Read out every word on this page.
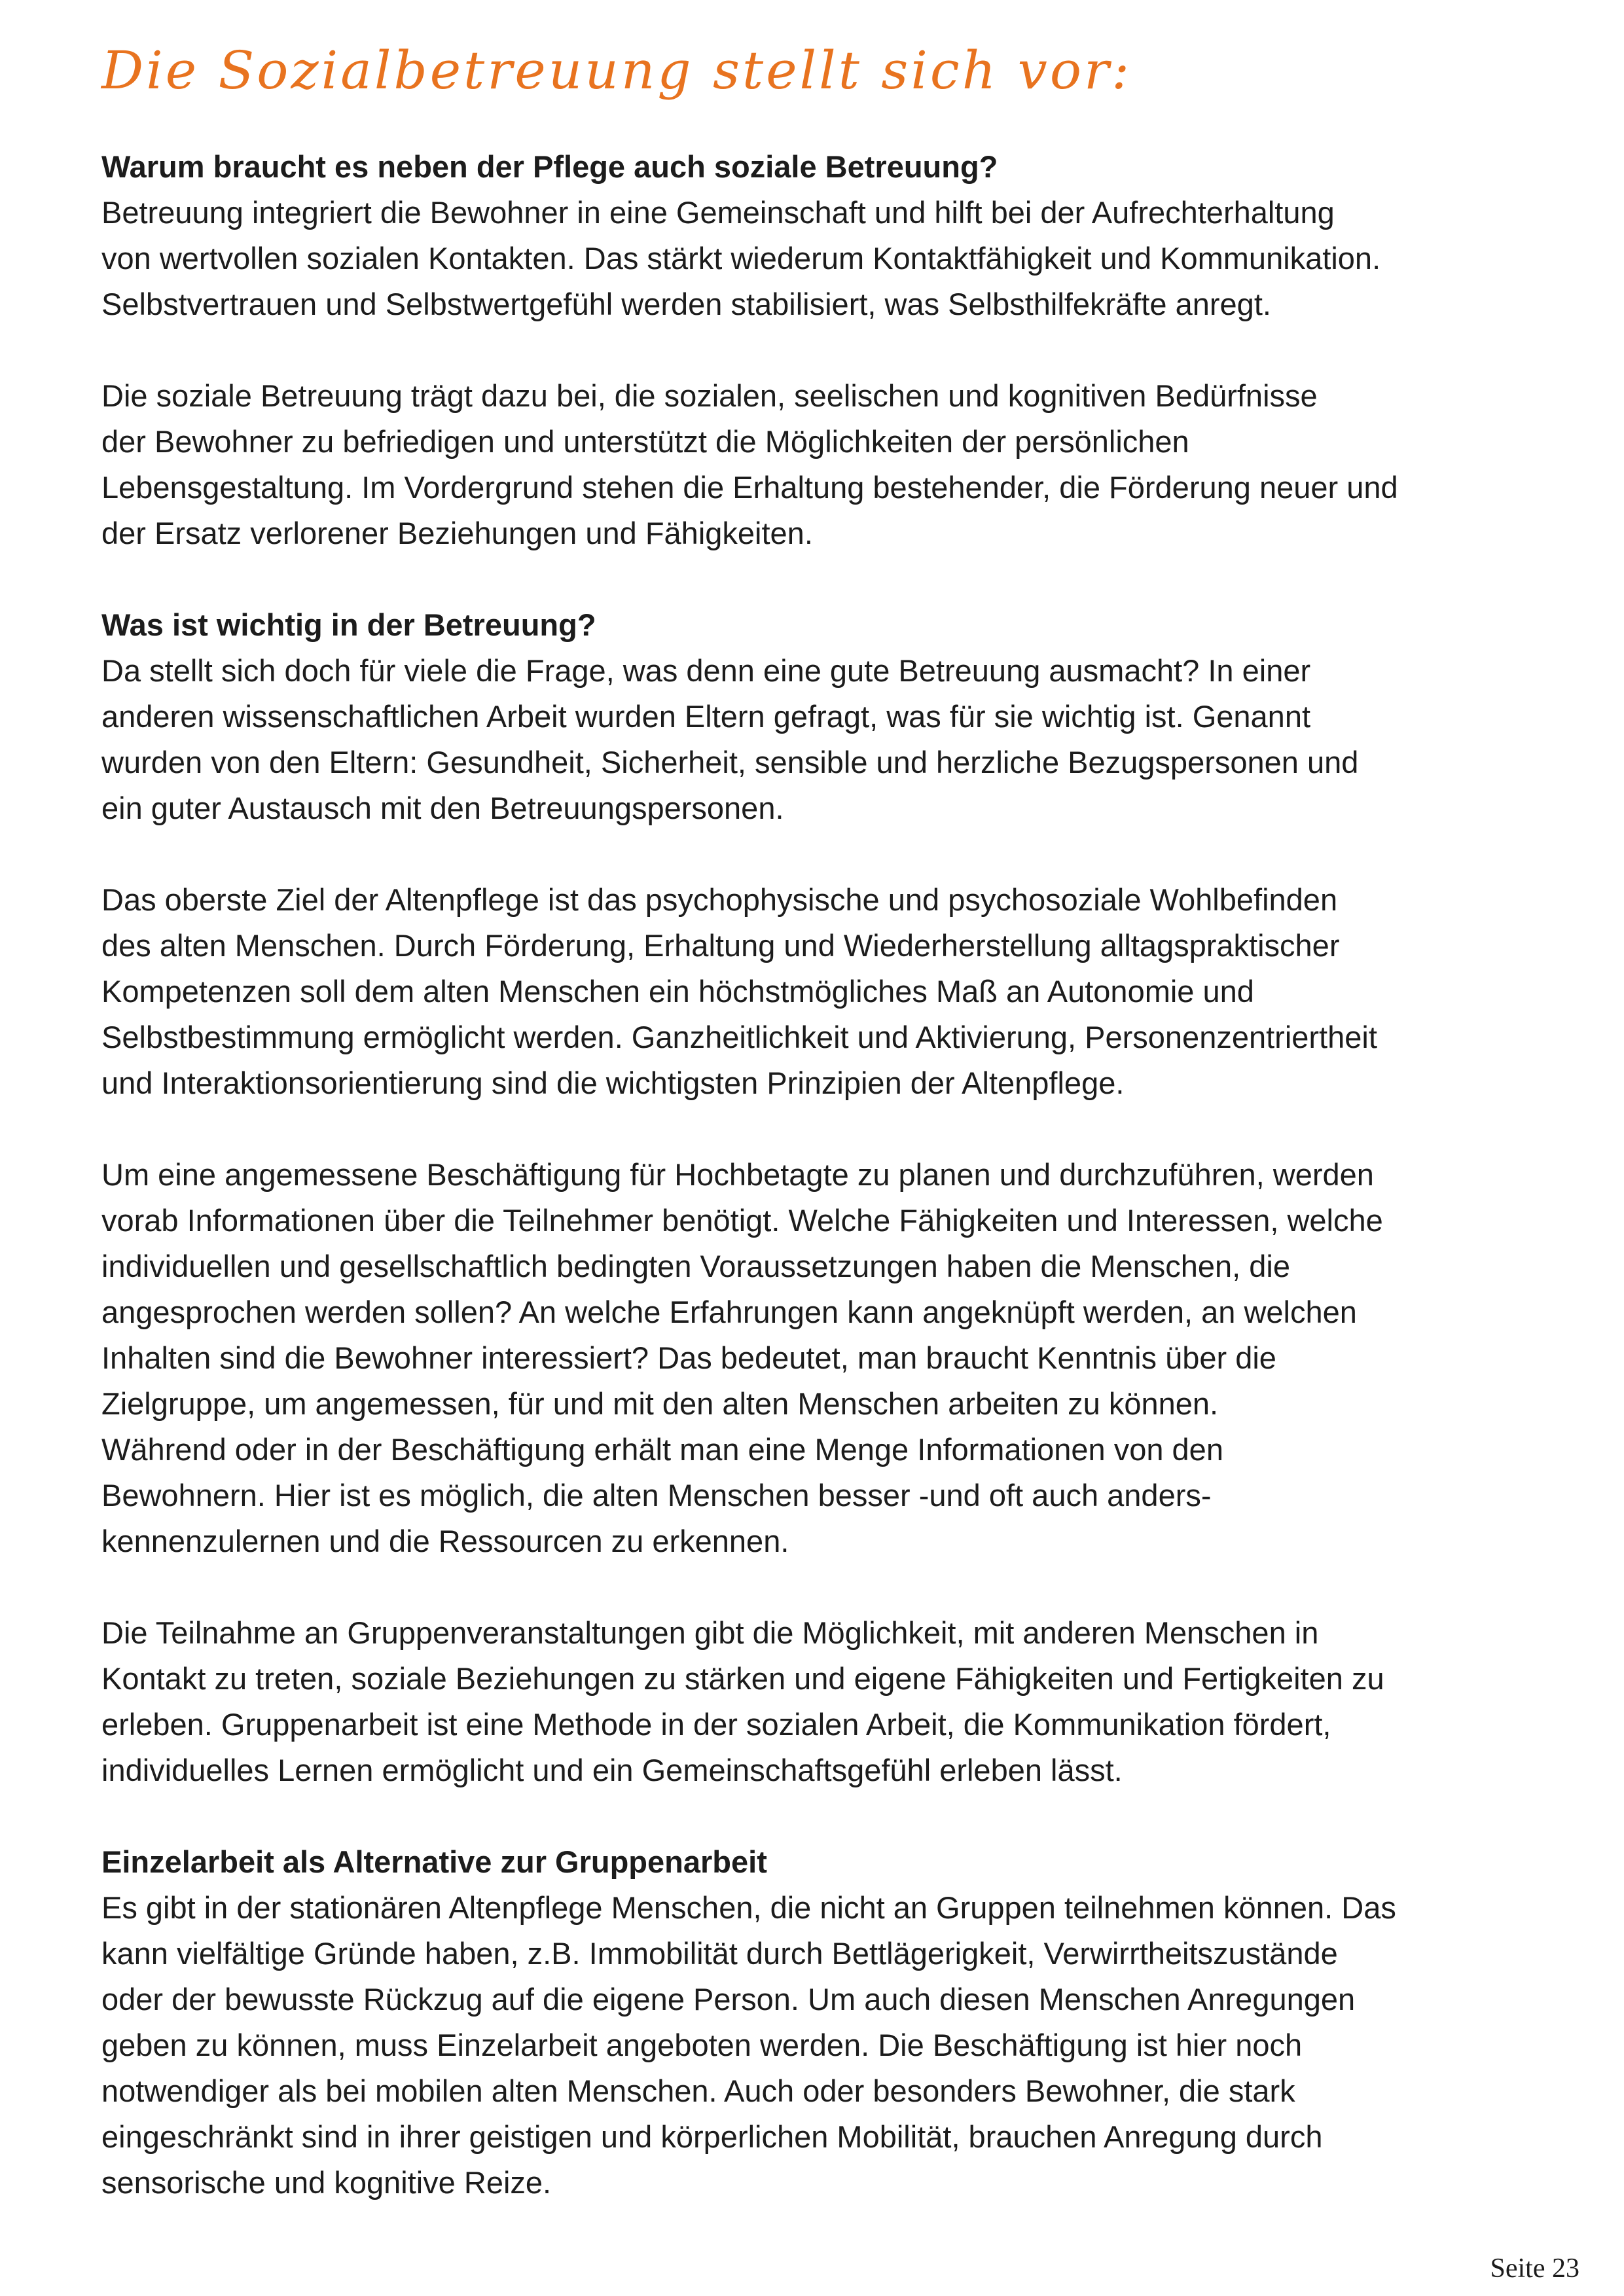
Die Sozialbetreuung stellt sich vor:
Warum braucht es neben der Pflege auch soziale Betreuung?
Betreuung integriert die Bewohner in eine Gemeinschaft und hilft bei der Aufrechterhaltung
von wertvollen sozialen Kontakten. Das stärkt wiederum Kontaktfähigkeit und Kommunikation.
Selbstvertrauen und Selbstwertgefühl werden stabilisiert, was Selbsthilfekräfte anregt.
Die soziale Betreuung trägt dazu bei, die sozialen, seelischen und kognitiven Bedürfnisse
der Bewohner zu befriedigen und unterstützt die Möglichkeiten der persönlichen
Lebensgestaltung. Im Vordergrund stehen die Erhaltung bestehender, die Förderung neuer und
der Ersatz verlorener Beziehungen und Fähigkeiten.
Was ist wichtig in der Betreuung?
Da stellt sich doch für viele die Frage, was denn eine gute Betreuung ausmacht? In einer
anderen wissenschaftlichen Arbeit wurden Eltern gefragt, was für sie wichtig ist. Genannt
wurden von den Eltern: Gesundheit, Sicherheit, sensible und herzliche Bezugspersonen und
ein guter Austausch mit den Betreuungspersonen.
Das oberste Ziel der Altenpflege ist das psychophysische und psychosoziale Wohlbefinden
des alten Menschen. Durch Förderung, Erhaltung und Wiederherstellung alltagspraktischer
Kompetenzen soll dem alten Menschen ein höchstmögliches Maß an Autonomie und
Selbstbestimmung ermöglicht werden. Ganzheitlichkeit und Aktivierung, Personenzentriertheit
und Interaktionsorientierung sind die wichtigsten Prinzipien der Altenpflege.
Um eine angemessene Beschäftigung für Hochbetagte zu planen und durchzuführen, werden
vorab Informationen über die Teilnehmer benötigt. Welche Fähigkeiten und Interessen, welche
individuellen und gesellschaftlich bedingten Voraussetzungen haben die Menschen, die
angesprochen werden sollen? An welche Erfahrungen kann angeknüpft werden, an welchen
Inhalten sind die Bewohner interessiert? Das bedeutet, man braucht Kenntnis über die
Zielgruppe, um angemessen, für und mit den alten Menschen arbeiten zu können.
Während oder in der Beschäftigung erhält man eine Menge Informationen von den
Bewohnern. Hier ist es möglich, die alten Menschen besser -und oft auch anders-
kennenzulernen und die Ressourcen zu erkennen.
Die Teilnahme an Gruppenveranstaltungen gibt die Möglichkeit, mit anderen Menschen in
Kontakt zu treten, soziale Beziehungen zu stärken und eigene Fähigkeiten und Fertigkeiten zu
erleben. Gruppenarbeit ist eine Methode in der sozialen Arbeit, die Kommunikation fördert,
individuelles Lernen ermöglicht und ein Gemeinschaftsgefühl erleben lässt.
Einzelarbeit als Alternative zur Gruppenarbeit
Es gibt in der stationären Altenpflege Menschen, die nicht an Gruppen teilnehmen können. Das
kann vielfältige Gründe haben, z.B. Immobilität durch Bettlägerigkeit, Verwirrtheitszustände
oder der bewusste Rückzug auf die eigene Person. Um auch diesen Menschen Anregungen
geben zu können, muss Einzelarbeit angeboten werden. Die Beschäftigung ist hier noch
notwendiger als bei mobilen alten Menschen. Auch oder besonders Bewohner, die stark
eingeschränkt sind in ihrer geistigen und körperlichen Mobilität, brauchen Anregung durch
sensorische und kognitive Reize.
Seite 23
